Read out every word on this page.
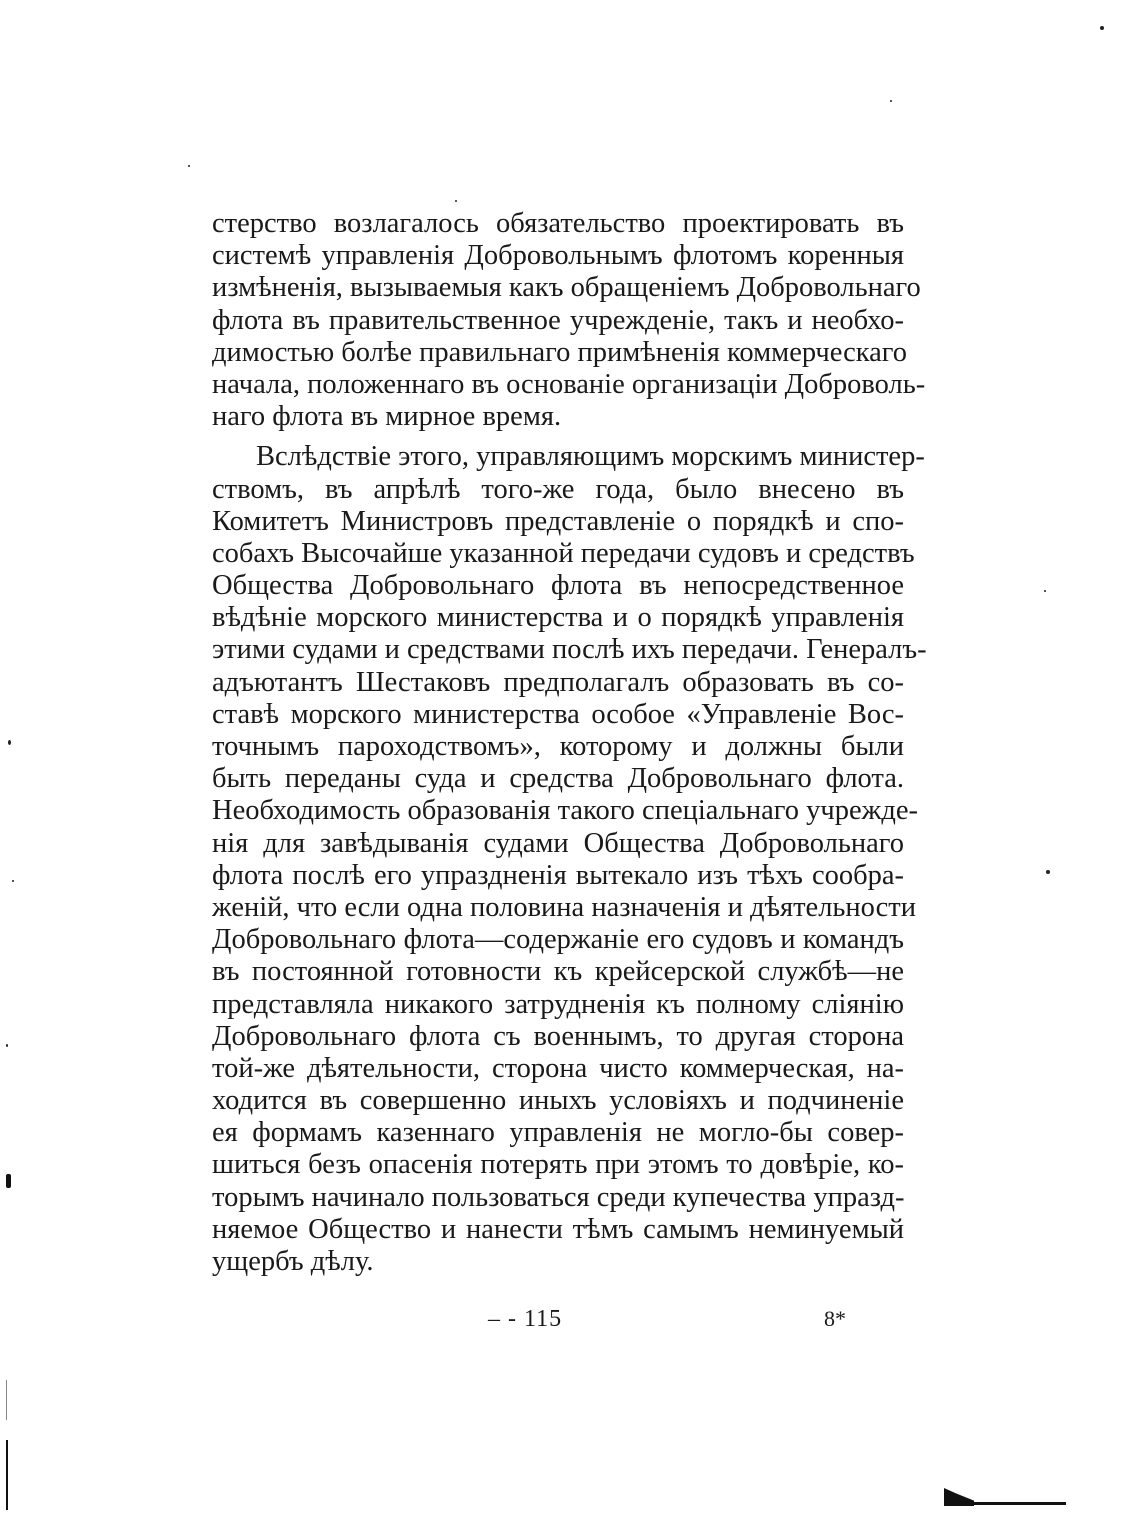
стерство возлагалось обязательство проектировать въ
системѣ управленія Добровольнымъ флотомъ коренныя
измѣненія, вызываемыя какъ обращеніемъ Добровольнаго
флота въ правительственное учрежденіе, такъ и необхо-
димостью болѣе правильнаго примѣненія коммерческаго
начала, положеннаго въ основаніе организаціи Доброволь-
наго флота въ мирное время.
Вслѣдствіе этого, управляющимъ морскимъ министер-
ствомъ, въ апрѣлѣ того-же года, было внесено въ
Комитетъ Министровъ представленіе о порядкѣ и спо-
собахъ Высочайше указанной передачи судовъ и средствъ
Общества Добровольнаго флота въ непосредственное
вѣдѣніе морского министерства и о порядкѣ управленія
этими судами и средствами послѣ ихъ передачи. Генералъ-
адъютантъ Шестаковъ предполагалъ образовать въ со-
ставѣ морского министерства особое «Управленіе Вос-
точнымъ пароходствомъ», которому и должны были
быть переданы суда и средства Добровольнаго флота.
Необходимость образованія такого спеціальнаго учрежде-
нія для завѣдыванія судами Общества Добровольнаго
флота послѣ его упраздненія вытекало изъ тѣхъ сообра-
женій, что если одна половина назначенія и дѣятельности
Добровольнаго флота—содержаніе его судовъ и командъ
въ постоянной готовности къ крейсерской службѣ—не
представляла никакого затрудненія къ полному сліянію
Добровольнаго флота съ военнымъ, то другая сторона
той-же дѣятельности, сторона чисто коммерческая, на-
ходится въ совершенно иныхъ условіяхъ и подчиненіе
ея формамъ казеннаго управленія не могло-бы совер-
шиться безъ опасенія потерять при этомъ то довѣріе, ко-
торымъ начинало пользоваться среди купечества упразд-
няемое Общество и нанести тѣмъ самымъ неминуемый
ущербъ дѣлу.
– - 115	8*
